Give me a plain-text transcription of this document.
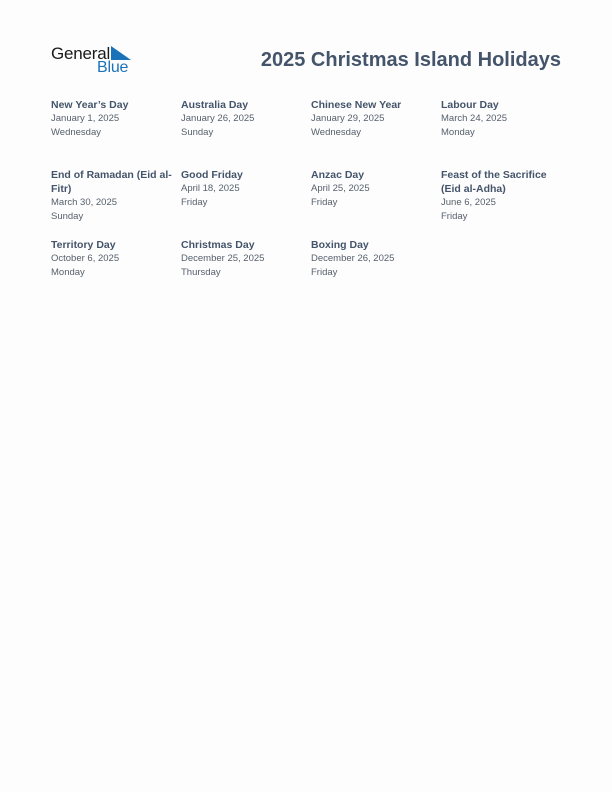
General
Blue	2025 Christmas Island Holidays
New Year’s Day
January 1, 2025
Wednesday
Australia Day
January 26, 2025
Sunday
Chinese New Year
January 29, 2025
Wednesday
Labour Day
March 24, 2025
Monday
End of Ramadan (Eid al-Fitr)
March 30, 2025
Sunday
Good Friday
April 18, 2025
Friday
Anzac Day
April 25, 2025
Friday
Feast of the Sacrifice (Eid al-Adha)
June 6, 2025
Friday
Territory Day
October 6, 2025
Monday
Christmas Day
December 25, 2025
Thursday
Boxing Day
December 26, 2025
Friday
